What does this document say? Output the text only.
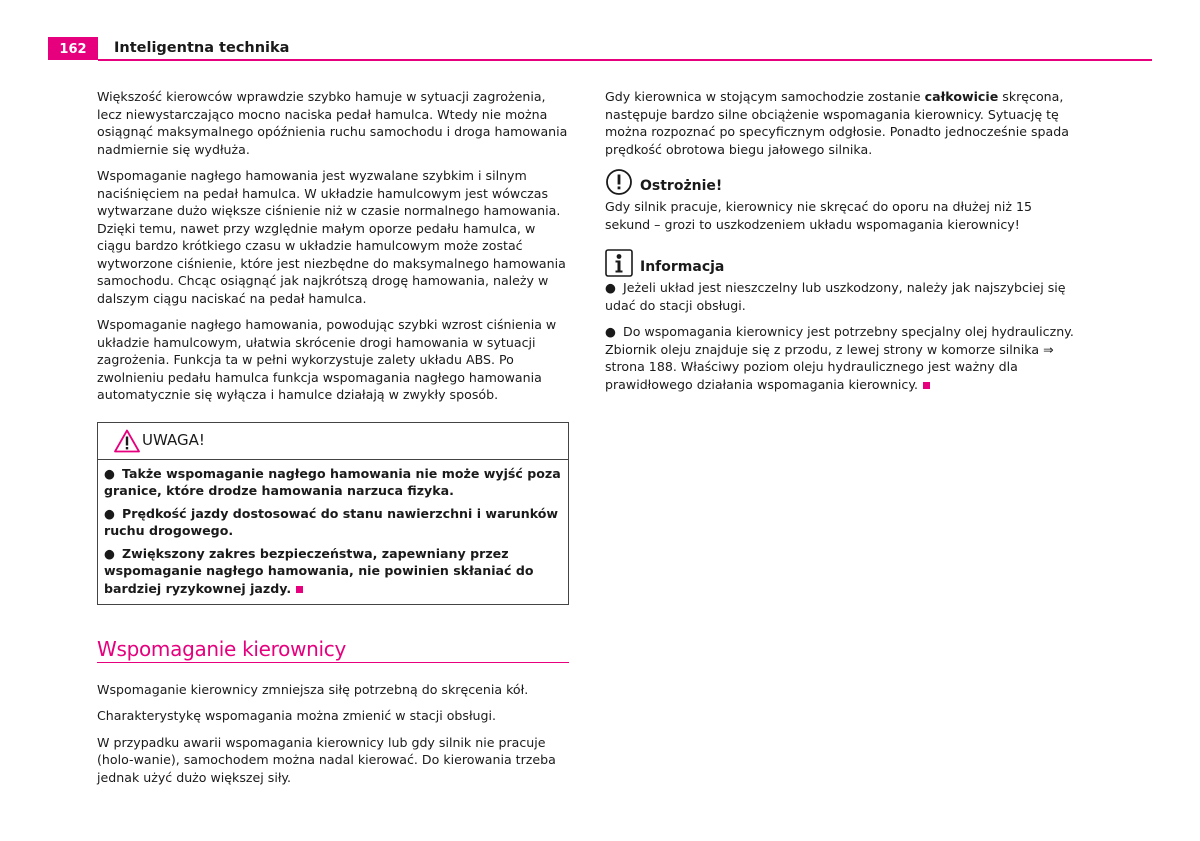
162	Inteligentna technika

Większość kierowców wprawdzie szybko hamuje w sytuacji zagrożenia, lecz niewystarczająco mocno naciska pedał hamulca. Wtedy nie można osiągnąć maksymalnego opóźnienia ruchu samochodu i droga hamowania nadmiernie się wydłuża.

Wspomaganie nagłego hamowania jest wyzwalane szybkim i silnym naciśnięciem na pedał hamulca. W układzie hamulcowym jest wówczas wytwarzane dużo większe ciśnienie niż w czasie normalnego hamowania. Dzięki temu, nawet przy względnie małym oporze pedału hamulca, w ciągu bardzo krótkiego czasu w układzie hamulcowym może zostać wytworzone ciśnienie, które jest niezbędne do maksymalnego hamowania samochodu. Chcąc osiągnąć jak najkrótszą drogę hamowania, należy w dalszym ciągu naciskać na pedał hamulca.

Wspomaganie nagłego hamowania, powodując szybki wzrost ciśnienia w układzie hamulcowym, ułatwia skrócenie drogi hamowania w sytuacji zagrożenia. Funkcja ta w pełni wykorzystuje zalety układu ABS. Po zwolnieniu pedału hamulca funkcja wspomagania nagłego hamowania automatycznie się wyłącza i hamulce działają w zwykły sposób.

UWAGA!
● Także wspomaganie nagłego hamowania nie może wyjść poza granice, które drodze hamowania narzuca fizyka.
● Prędkość jazdy dostosować do stanu nawierzchni i warunków ruchu drogowego.
● Zwiększony zakres bezpieczeństwa, zapewniany przez wspomaganie nagłego hamowania, nie powinien skłaniać do bardziej ryzykownej jazdy.
Wspomaganie kierownicy

Wspomaganie kierownicy zmniejsza siłę potrzebną do skręcenia kół.

Charakterystykę wspomagania można zmienić w stacji obsługi.

W przypadku awarii wspomagania kierownicy lub gdy silnik nie pracuje (holo-wanie), samochodem można nadal kierować. Do kierowania trzeba jednak użyć dużo większej siły.

Gdy kierownica w stojącym samochodzie zostanie całkowicie skręcona, następuje bardzo silne obciążenie wspomagania kierownicy. Sytuację tę można rozpoznać po specyficznym odgłosie. Ponadto jednocześnie spada prędkość obrotowa biegu jałowego silnika.

Ostrożnie!

Gdy silnik pracuje, kierownicy nie skręcać do oporu na dłużej niż 15 sekund – grozi to uszkodzeniem układu wspomagania kierownicy!

Informacja
● Jeżeli układ jest nieszczelny lub uszkodzony, należy jak najszybciej się udać do stacji obsługi.
● Do wspomagania kierownicy jest potrzebny specjalny olej hydrauliczny. Zbiornik oleju znajduje się z przodu, z lewej strony w komorze silnika ⇒ strona 188. Właściwy poziom oleju hydraulicznego jest ważny dla prawidłowego działania wspomagania kierownicy.
